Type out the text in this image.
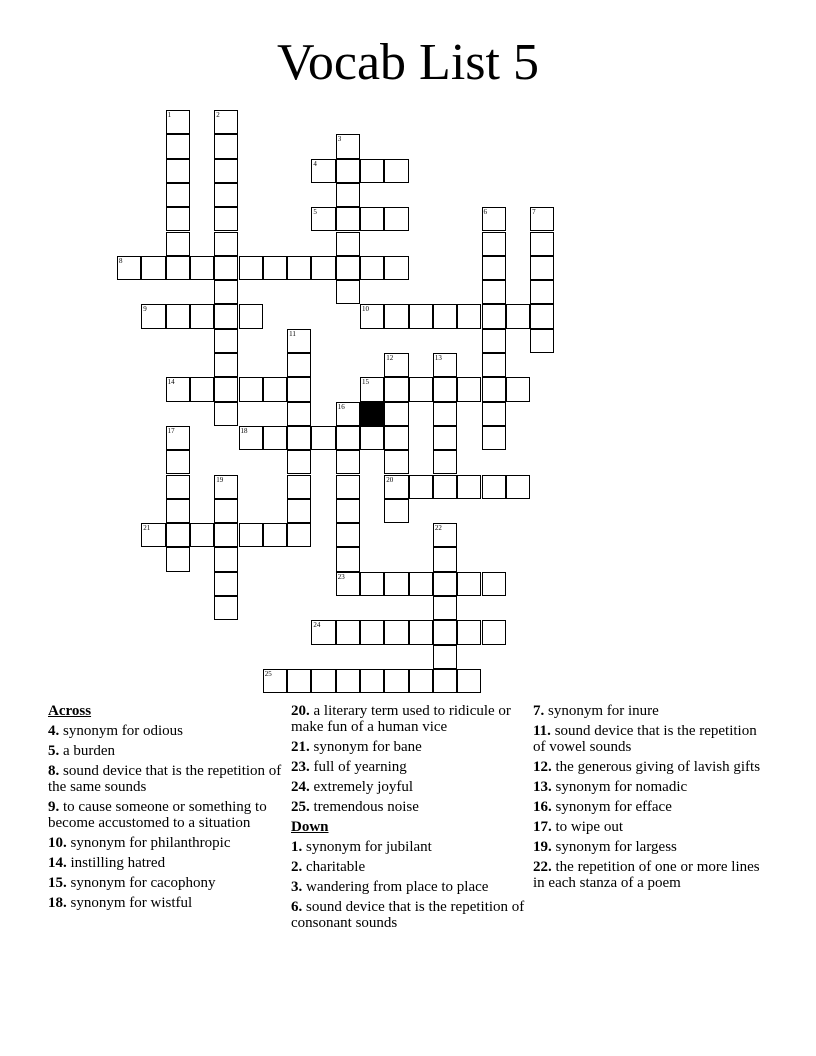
Vocab List 5
4
5
8
9	10
14	15
18
20
21
23
24
25
1	2
3
6	7
11
12	13
16
17
19
22
Across
4. synonym for odious
5. a burden
8. sound device that is the repetition of the same sounds
9. to cause someone or something to become accustomed to a situation
10. synonym for philanthropic
14. instilling hatred
15. synonym for cacophony
18. synonym for wistful
20. a literary term used to ridicule or make fun of a human vice
21. synonym for bane
23. full of yearning
24. extremely joyful
25. tremendous noise
Down
1. synonym for jubilant
2. charitable
3. wandering from place to place
6. sound device that is the repetition of consonant sounds
7. synonym for inure
11. sound device that is the repetition of vowel sounds
12. the generous giving of lavish gifts
13. synonym for nomadic
16. synonym for efface
17. to wipe out
19. synonym for largess
22. the repetition of one or more lines in each stanza of a poem
